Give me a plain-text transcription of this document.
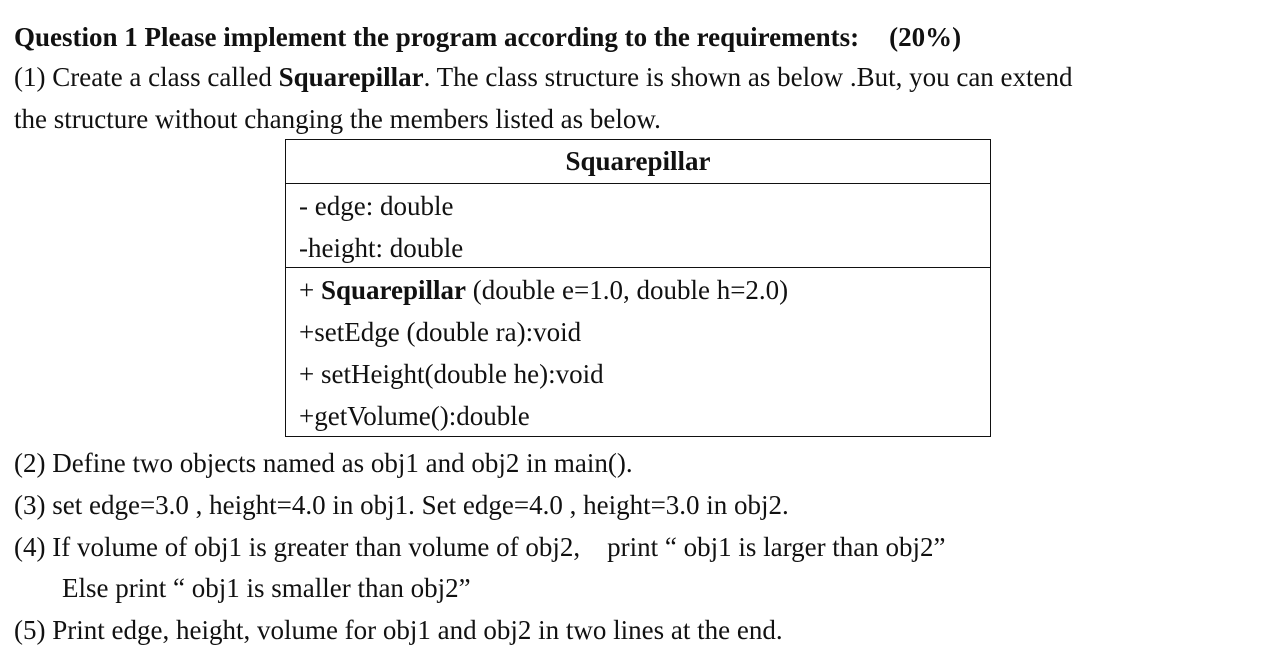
Question 1 Please implement the program according to the requirements: (20%)
(1) Create a class called Squarepillar. The class structure is shown as below .But, you can extend
the structure without changing the members listed as below.
Squarepillar
- edge: double
-height: double
+ Squarepillar (double e=1.0, double h=2.0)
+setEdge (double ra):void
+ setHeight(double he):void
+getVolume():double
(2) Define two objects named as obj1 and obj2 in main().
(3) set edge=3.0 , height=4.0 in obj1. Set edge=4.0 , height=3.0 in obj2.
(4) If volume of obj1 is greater than volume of obj2,    print “ obj1 is larger than obj2”
Else print “ obj1 is smaller than obj2”
(5) Print edge, height, volume for obj1 and obj2 in two lines at the end.
